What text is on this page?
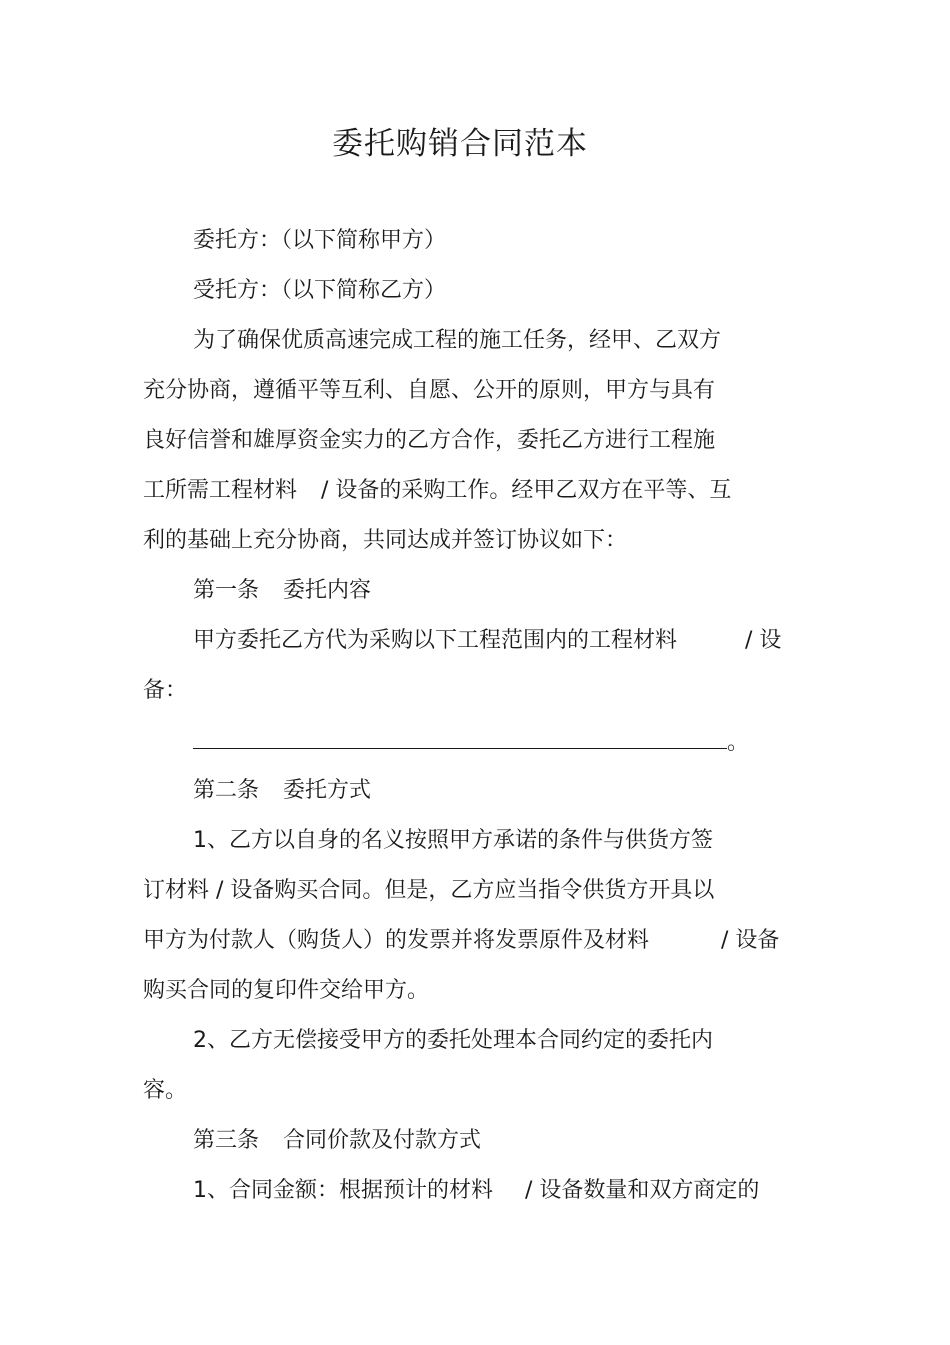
委托购销合同范本
委托方：（以下简称甲方）
受托方：（以下简称乙方）
为了确保优质高速完成工程的施工任务，经甲、乙双方
充分协商，遵循平等互利、自愿、公开的原则，甲方与具有
良好信誉和雄厚资金实力的乙方合作，委托乙方进行工程施
工所需工程材料 / 设备的采购工作。经甲乙双方在平等、互
利的基础上充分协商，共同达成并签订协议如下：
第一条 委托内容
甲方委托乙方代为采购以下工程范围内的工程材料	/ 设
备：
。
第二条 委托方式
1、乙方以自身的名义按照甲方承诺的条件与供货方签
订材料 / 设备购买合同。但是，乙方应当指令供货方开具以
甲方为付款人（购货人）的发票并将发票原件及材料	/ 设备
购买合同的复印件交给甲方。
2、乙方无偿接受甲方的委托处理本合同约定的委托内
容。
第三条 合同价款及付款方式
1、合同金额：根据预计的材料 / 设备数量和双方商定的
